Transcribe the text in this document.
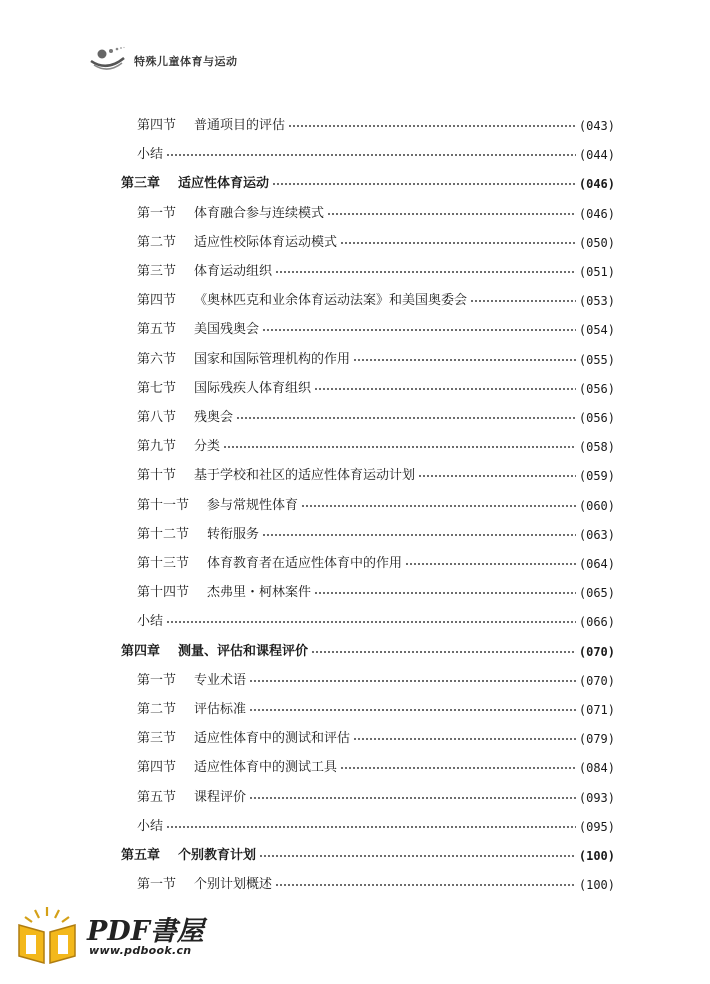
特殊儿童体育与运动
第四节 普通项目的评估	(043)
小结	(044)
第三章 适应性体育运动	(046)
第一节 体育融合参与连续模式	(046)
第二节 适应性校际体育运动模式	(050)
第三节 体育运动组织	(051)
第四节 《奥林匹克和业余体育运动法案》和美国奥委会	(053)
第五节 美国残奥会	(054)
第六节 国家和国际管理机构的作用	(055)
第七节 国际残疾人体育组织	(056)
第八节 残奥会	(056)
第九节 分类	(058)
第十节 基于学校和社区的适应性体育运动计划	(059)
第十一节 参与常规性体育	(060)
第十二节 转衔服务	(063)
第十三节 体育教育者在适应性体育中的作用	(064)
第十四节 杰弗里・柯林案件	(065)
小结	(066)
第四章 测量、评估和课程评价	(070)
第一节 专业术语	(070)
第二节 评估标准	(071)
第三节 适应性体育中的测试和评估	(079)
第四节 适应性体育中的测试工具	(084)
第五节 课程评价	(093)
小结	(095)
第五章 个别教育计划	(100)
第一节 个别计划概述	(100)
PDF書屋
www.pdbook.cn
